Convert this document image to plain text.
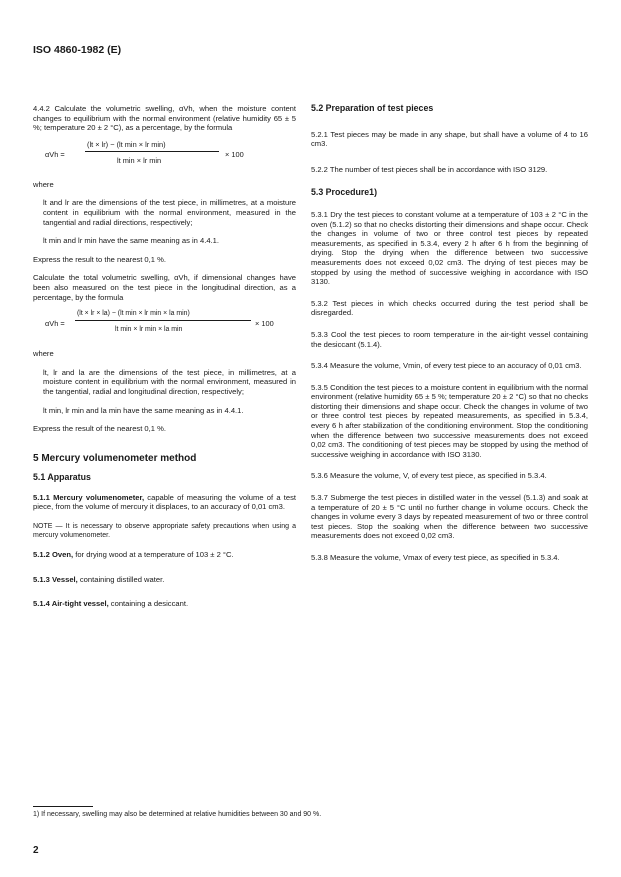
ISO 4860-1982 (E)

4.4.2 Calculate the volumetric swelling, αVh, when the moisture content changes to equilibrium with the normal environment (relative humidity 65 ± 5 %; temperature 20 ± 2 °C), as a percentage, by the formula

αVh =
(lt × lr) − (lt min × lr min)
lt min × lr min
× 100

where

lt and lr are the dimensions of the test piece, in millimetres, at a moisture content in equilibrium with the normal environment, measured in the tangential and radial directions, respectively;

lt min and lr min have the same meaning as in 4.4.1.

Express the result to the nearest 0,1 %.

Calculate the total volumetric swelling, αVh, if dimensional changes have been also measured on the test piece in the longitudinal direction, as a percentage, by the formula

αVh =
(lt × lr × la) − (lt min × lr min × la min)
lt min × lr min × la min
× 100

where

lt, lr and la are the dimensions of the test piece, in millimetres, at a moisture content in equilibrium with the normal environment, measured in the tangential, radial and longitudinal direction, respectively;

lt min, lr min and la min have the same meaning as in 4.4.1.

Express the result of the nearest 0,1 %.

5 Mercury volumenometer method

5.1 Apparatus

5.1.1 Mercury volumenometer, capable of measuring the volume of a test piece, from the volume of mercury it displaces, to an accuracy of 0,01 cm3.

NOTE — It is necessary to observe appropriate safety precautions when using a mercury volumenometer.

5.1.2 Oven, for drying wood at a temperature of 103 ± 2 °C.

5.1.3 Vessel, containing distilled water.

5.1.4 Air-tight vessel, containing a desiccant.

5.2 Preparation of test pieces

5.2.1 Test pieces may be made in any shape, but shall have a volume of 4 to 16 cm3.

5.2.2 The number of test pieces shall be in accordance with ISO 3129.

5.3 Procedure1)

5.3.1 Dry the test pieces to constant volume at a temperature of 103 ± 2 °C in the oven (5.1.2) so that no checks distorting their dimensions and shape occur. Check the changes in volume of two or three control test pieces by repeated measurements, as specified in 5.3.4, every 2 h after 6 h from the beginning of drying. Stop the drying when the difference between two successive measurements does not exceed 0,02 cm3. The drying of test pieces may be stopped by using the method of successive weighing in accordance with ISO 3130.

5.3.2 Test pieces in which checks occurred during the test period shall be disregarded.

5.3.3 Cool the test pieces to room temperature in the air-tight vessel containing the desiccant (5.1.4).

5.3.4 Measure the volume, Vmin, of every test piece to an accuracy of 0,01 cm3.

5.3.5 Condition the test pieces to a moisture content in equilibrium with the normal environment (relative humidity 65 ± 5 %; temperature 20 ± 2 °C) so that no checks distorting their dimensions and shape occur. Check the changes in volume of two or three control test pieces by repeated measurements, as specified in 5.3.4, every 6 h after stabilization of the conditioning environment. Stop the conditioning when the difference between two successive measurements does not exceed 0,02 cm3. The conditioning of test pieces may be stopped by using the method of successive weighing in accordance with ISO 3130.

5.3.6 Measure the volume, V, of every test piece, as specified in 5.3.4.

5.3.7 Submerge the test pieces in distilled water in the vessel (5.1.3) and soak at a temperature of 20 ± 5 °C until no further change in volume occurs. Check the changes in volume every 3 days by repeated measurement of two or three control test pieces. Stop the soaking when the difference between two successive measurements does not exceed 0,02 cm3.

5.3.8 Measure the volume, Vmax of every test piece, as specified in 5.3.4.

1) If necessary, swelling may also be determined at relative humidities between 30 and 90 %.
2
